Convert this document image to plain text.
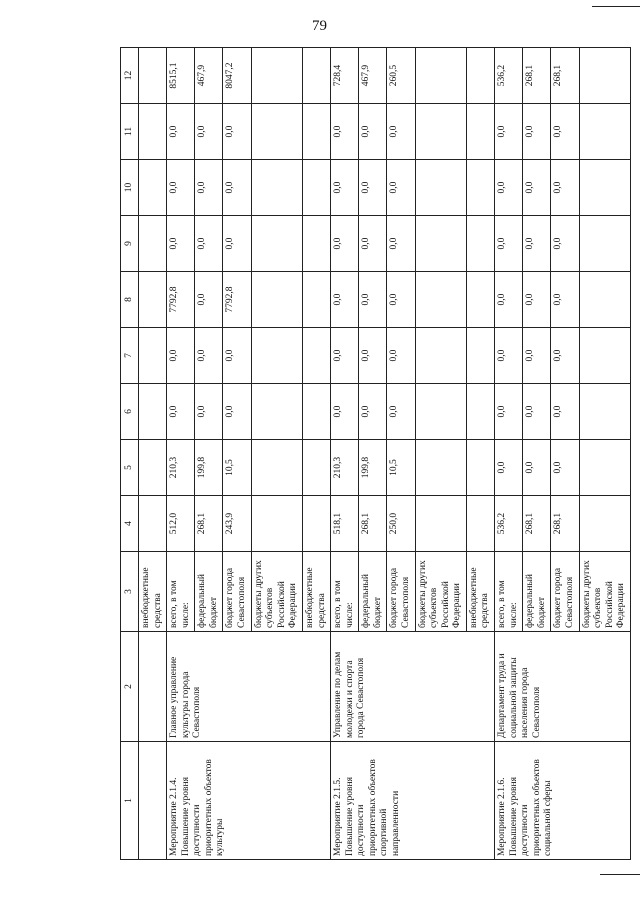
79
1	2	3	4	5	6	7	8	9	10	11	12
		внебюджетные средства									
Мероприятие 2.1.4. Повышение уровня доступности приоритетных объектов культуры	Главное управление культуры города Севастополя	всего, в том числе:	512,0	210,3	0,0	0,0	7792,8	0,0	0,0	0,0	8515,1
		федеральный бюджет	268,1	199,8	0,0	0,0	0,0	0,0	0,0	0,0	467,9
		бюджет города Севастополя	243,9	10,5	0,0	0,0	7792,8	0,0	0,0	0,0	8047,2
		бюджеты других субъектов Российской Федерации									
		внебюджетные средства									
Мероприятие 2.1.5. Повышение уровня доступности приоритетных объектов спортивной направленности	Управление по делам молодежи и спорта города Севастополя	всего, в том числе:	518,1	210,3	0,0	0,0	0,0	0,0	0,0	0,0	728,4
		федеральный бюджет	268,1	199,8	0,0	0,0	0,0	0,0	0,0	0,0	467,9
		бюджет города Севастополя	250,0	10,5	0,0	0,0	0,0	0,0	0,0	0,0	260,5
		бюджеты других субъектов Российской Федерации									
		внебюджетные средства									
Мероприятие 2.1.6. Повышение уровня доступности приоритетных объектов социальной сферы	Департамент труда и социальной защиты населения города Севастополя	всего, в том числе:	536,2	0,0	0,0	0,0	0,0	0,0	0,0	0,0	536,2
		федеральный бюджет	268,1	0,0	0,0	0,0	0,0	0,0	0,0	0,0	268,1
		бюджет города Севастополя	268,1	0,0	0,0	0,0	0,0	0,0	0,0	0,0	268,1
		бюджеты других субъектов Российской Федерации									
